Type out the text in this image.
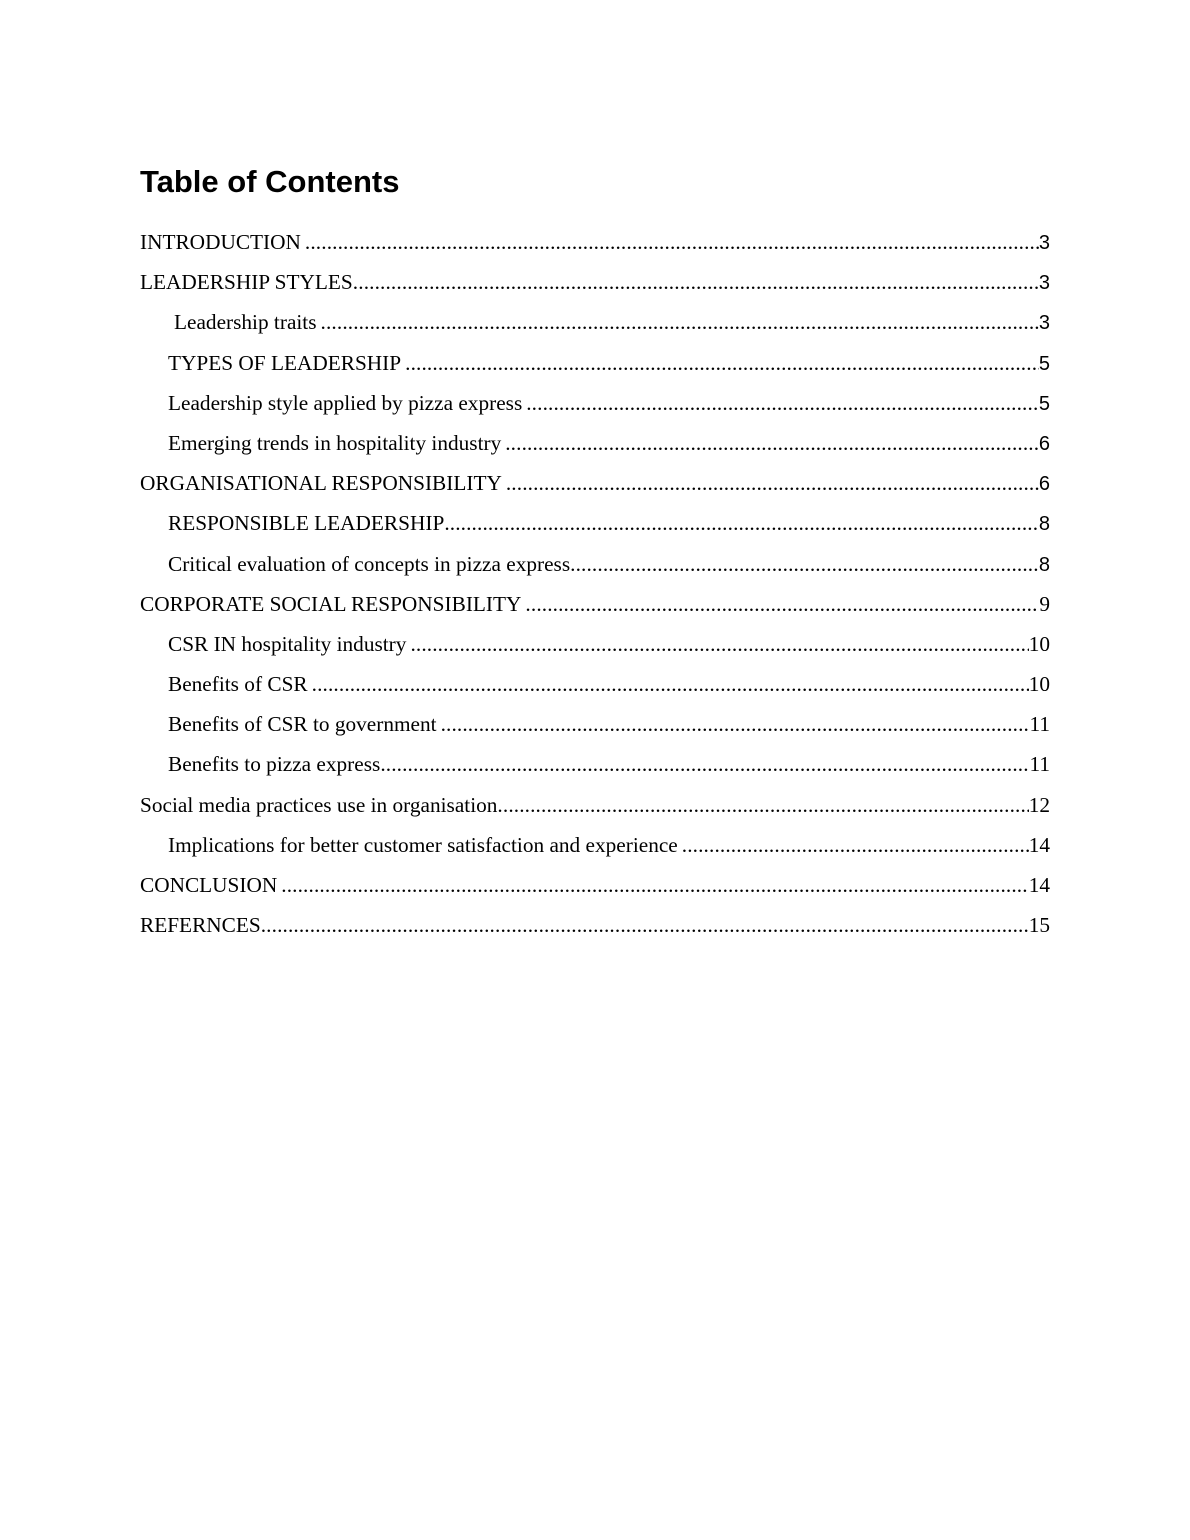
Table of Contents
INTRODUCTION . . .	3
LEADERSHIP STYLES . . .	3
Leadership traits . . .	3
TYPES OF LEADERSHIP . . .	5
Leadership style applied by pizza express . . .	5
Emerging trends in hospitality industry . . .	6
ORGANISATIONAL RESPONSIBILITY . . .	6
RESPONSIBLE LEADERSHIP . . .	8
Critical evaluation of concepts in pizza express . . .	8
CORPORATE SOCIAL RESPONSIBILITY . . .	9
CSR IN hospitality industry . . .	10
Benefits of CSR . . .	10
Benefits of CSR to government . . .	11
Benefits to pizza express . . .	11
Social media practices use in organisation . . .	12
Implications for better customer satisfaction and experience . . .	14
CONCLUSION . . .	14
REFERNCES . . .	15
